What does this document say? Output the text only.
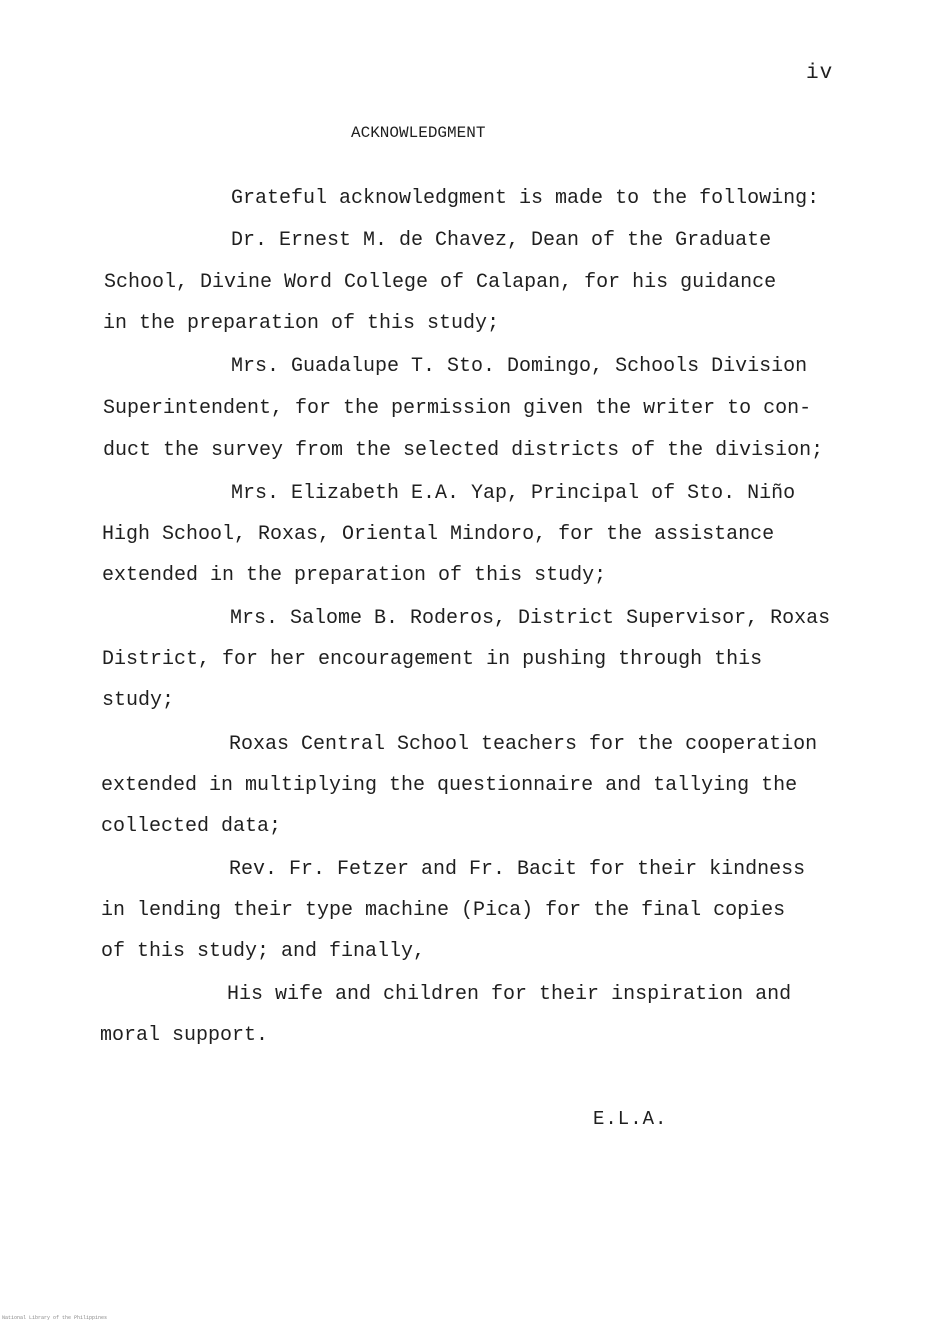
iv
ACKNOWLEDGMENT
Grateful acknowledgment is made to the following:
Dr. Ernest M. de Chavez, Dean of the Graduate
School, Divine Word College of Calapan, for his guidance
in the preparation of this study;
Mrs. Guadalupe T. Sto. Domingo, Schools Division
Superintendent, for the permission given the writer to con-
duct the survey from the selected districts of the division;
Mrs. Elizabeth E.A. Yap, Principal of Sto. Niño
High School, Roxas, Oriental Mindoro, for the assistance
extended in the preparation of this study;
Mrs. Salome B. Roderos, District Supervisor, Roxas
District, for her encouragement in pushing through this
study;
Roxas Central School teachers for the cooperation
extended in multiplying the questionnaire and tallying the
collected data;
Rev. Fr. Fetzer and Fr. Bacit for their kindness
in lending their type machine (Pica) for the final copies
of this study; and finally,
His wife and children for their inspiration and
moral support.
E.L.A.
National Library of the Philippines
